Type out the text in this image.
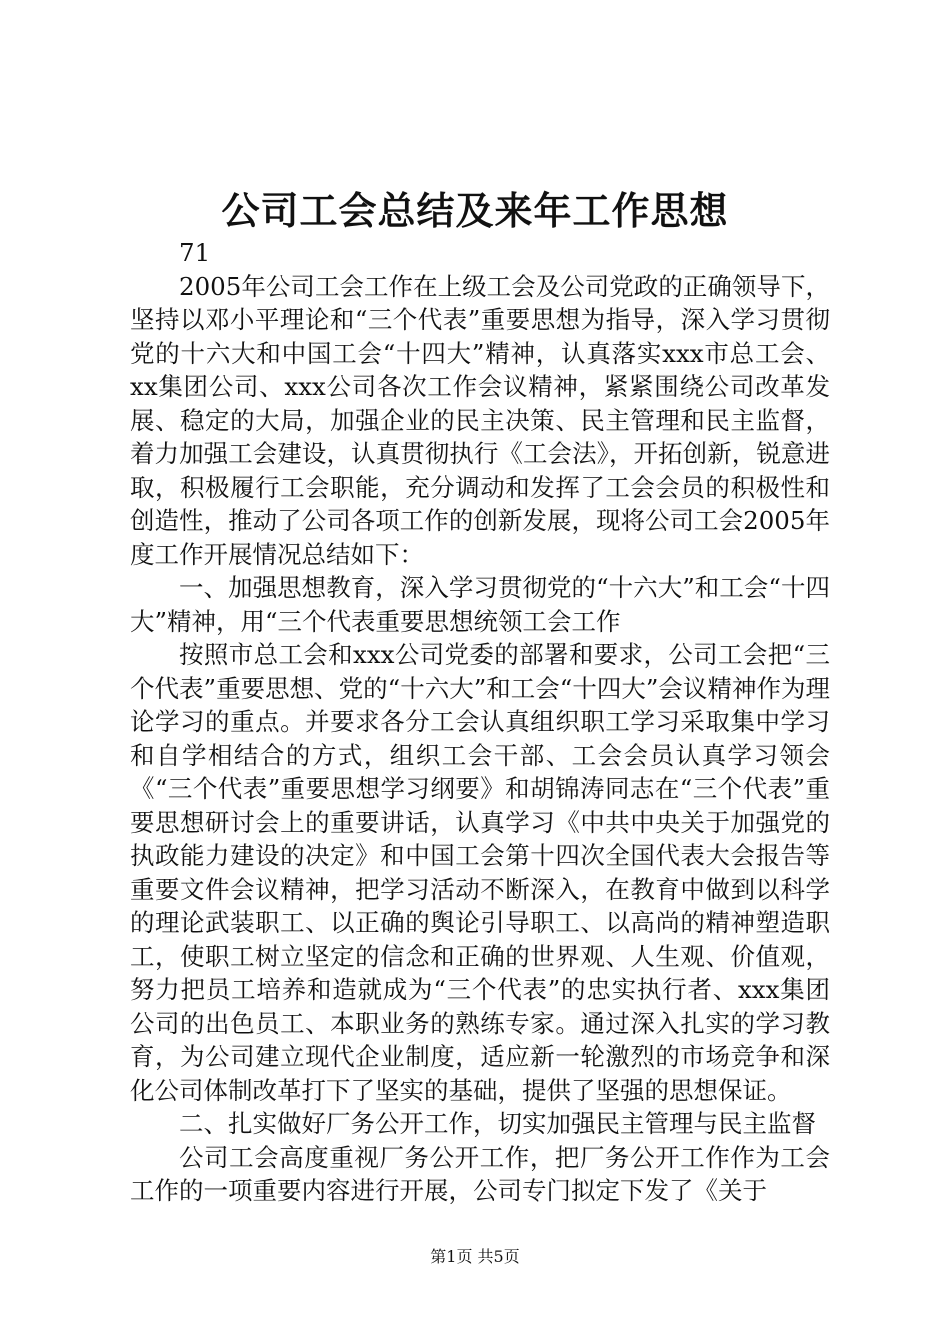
公司工会总结及来年工作思想

71

2005年公司工会工作在上级工会及公司党政的正确领导下，坚持以邓小平理论和“三个代表”重要思想为指导，深入学习贯彻党的十六大和中国工会“十四大”精神，认真落实xxx市总工会、xx集团公司、xxx公司各次工作会议精神，紧紧围绕公司改革发展、稳定的大局，加强企业的民主决策、民主管理和民主监督，着力加强工会建设，认真贯彻执行《工会法》，开拓创新，锐意进取，积极履行工会职能，充分调动和发挥了工会会员的积极性和创造性，推动了公司各项工作的创新发展，现将公司工会2005年度工作开展情况总结如下：

一、加强思想教育，深入学习贯彻党的“十六大”和工会“十四大”精神，用“三个代表重要思想统领工会工作

按照市总工会和xxx公司党委的部署和要求，公司工会把“三个代表”重要思想、党的“十六大”和工会“十四大”会议精神作为理论学习的重点。并要求各分工会认真组织职工学习采取集中学习和自学相结合的方式，组织工会干部、工会会员认真学习领会《“三个代表”重要思想学习纲要》和胡锦涛同志在“三个代表”重要思想研讨会上的重要讲话，认真学习《中共中央关于加强党的执政能力建设的决定》和中国工会第十四次全国代表大会报告等重要文件会议精神，把学习活动不断深入，在教育中做到以科学的理论武装职工、以正确的舆论引导职工、以高尚的精神塑造职工，使职工树立坚定的信念和正确的世界观、人生观、价值观，努力把员工培养和造就成为“三个代表”的忠实执行者、xxx集团公司的出色员工、本职业务的熟练专家。通过深入扎实的学习教育，为公司建立现代企业制度，适应新一轮激烈的市场竞争和深化公司体制改革打下了坚实的基础，提供了坚强的思想保证。

二、扎实做好厂务公开工作，切实加强民主管理与民主监督

公司工会高度重视厂务公开工作，把厂务公开工作作为工会工作的一项重要内容进行开展，公司专门拟定下发了《关于

第1页 共5页
